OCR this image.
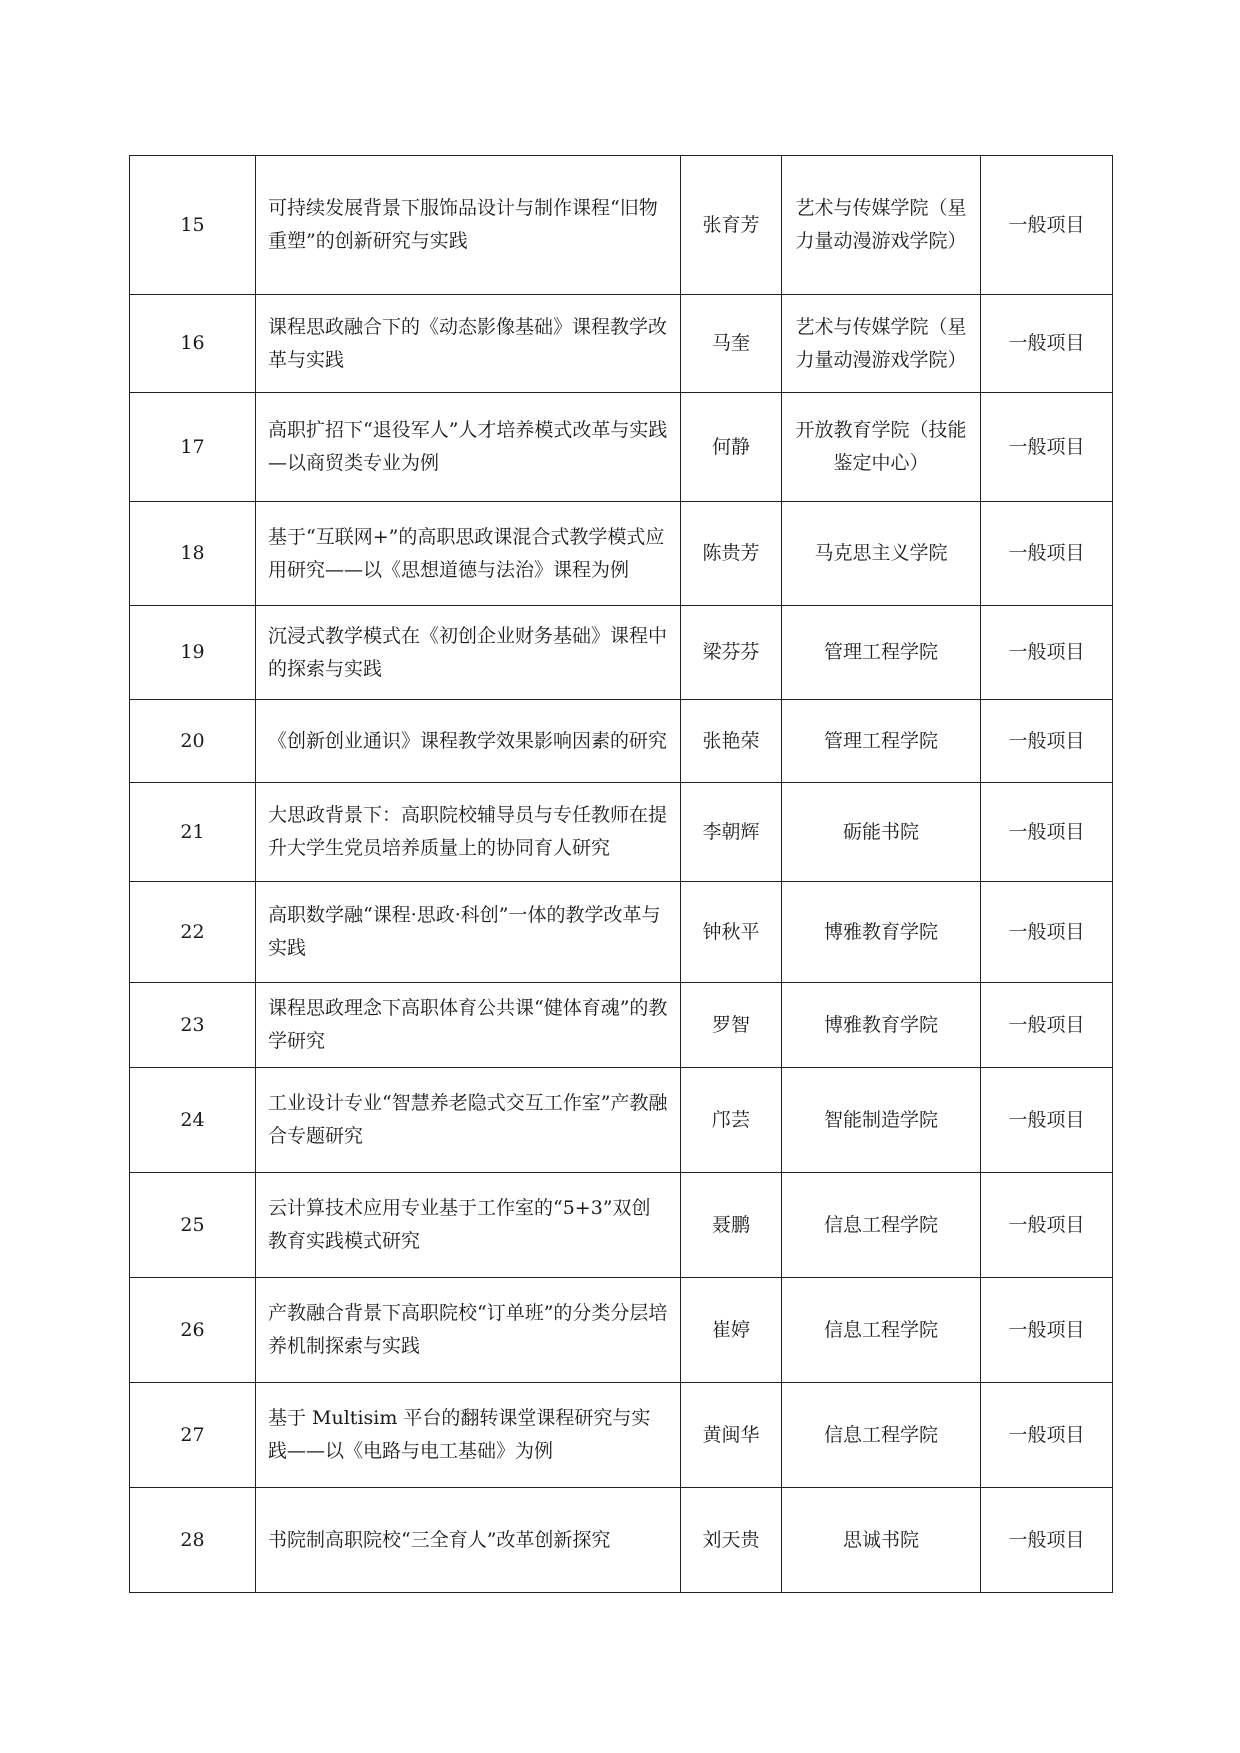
15	可持续发展背景下服饰品设计与制作课程“旧物重塑”的创新研究与实践	张育芳	艺术与传媒学院（星力量动漫游戏学院）	一般项目

16	课程思政融合下的《动态影像基础》课程教学改革与实践	马奎	艺术与传媒学院（星力量动漫游戏学院）	一般项目

17	高职扩招下“退役军人”人才培养模式改革与实践—以商贸类专业为例	何静	开放教育学院（技能鉴定中心）	一般项目

18	基于“互联网+”的高职思政课混合式教学模式应用研究——以《思想道德与法治》课程为例	陈贵芳	马克思主义学院	一般项目

19	沉浸式教学模式在《初创企业财务基础》课程中的探索与实践	梁芬芬	管理工程学院	一般项目

20	《创新创业通识》课程教学效果影响因素的研究	张艳荣	管理工程学院	一般项目

21	大思政背景下：高职院校辅导员与专任教师在提升大学生党员培养质量上的协同育人研究	李朝辉	砺能书院	一般项目

22	高职数学融“课程·思政·科创”一体的教学改革与实践	钟秋平	博雅教育学院	一般项目

23	课程思政理念下高职体育公共课“健体育魂”的教学研究	罗智	博雅教育学院	一般项目

24	工业设计专业“智慧养老隐式交互工作室”产教融合专题研究	邝芸	智能制造学院	一般项目

25	云计算技术应用专业基于工作室的“5+3”双创教育实践模式研究	聂鹏	信息工程学院	一般项目

26	产教融合背景下高职院校“订单班”的分类分层培养机制探索与实践	崔婷	信息工程学院	一般项目

27	基于 Multisim 平台的翻转课堂课程研究与实践——以《电路与电工基础》为例	黄闽华	信息工程学院	一般项目

28	书院制高职院校“三全育人”改革创新探究	刘天贵	思诚书院	一般项目
